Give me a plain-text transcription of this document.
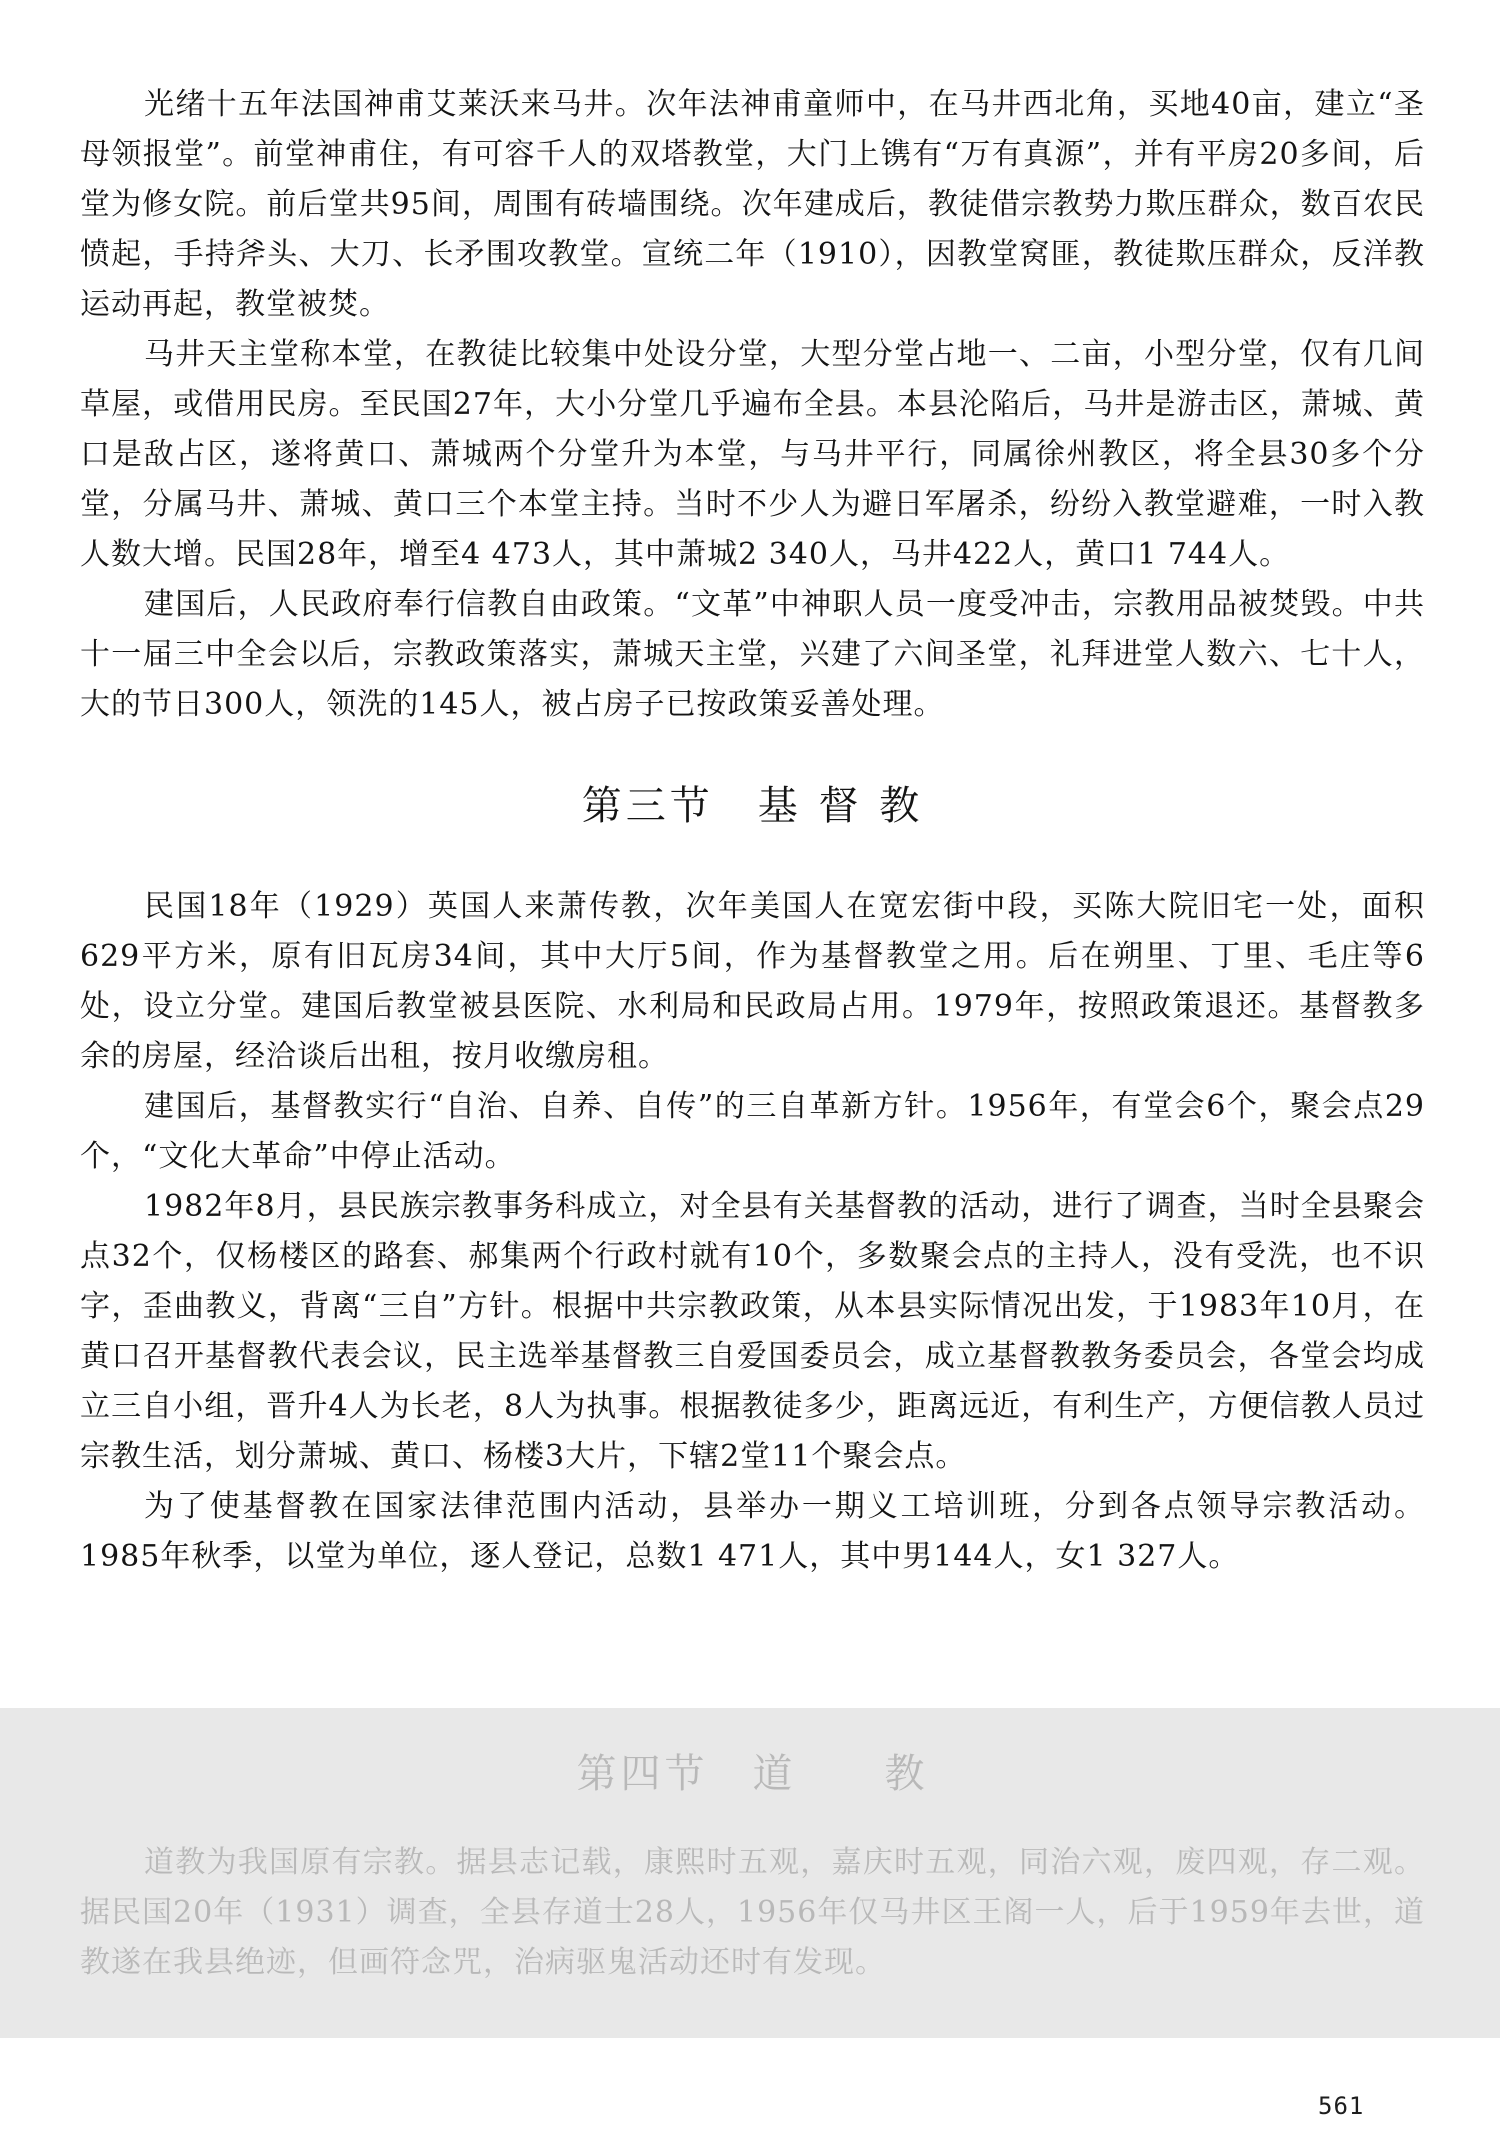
光绪十五年法国神甫艾莱沃来马井。次年法神甫童师中，在马井西北角，买地40亩，建立“圣母领报堂”。前堂神甫住，有可容千人的双塔教堂，大门上镌有“万有真源”，并有平房20多间，后堂为修女院。前后堂共95间，周围有砖墙围绕。次年建成后，教徒借宗教势力欺压群众，数百农民愤起，手持斧头、大刀、长矛围攻教堂。宣统二年（1910），因教堂窝匪，教徒欺压群众，反洋教运动再起，教堂被焚。

马井天主堂称本堂，在教徒比较集中处设分堂，大型分堂占地一、二亩，小型分堂，仅有几间草屋，或借用民房。至民国27年，大小分堂几乎遍布全县。本县沦陷后，马井是游击区，萧城、黄口是敌占区，遂将黄口、萧城两个分堂升为本堂，与马井平行，同属徐州教区，将全县30多个分堂，分属马井、萧城、黄口三个本堂主持。当时不少人为避日军屠杀，纷纷入教堂避难，一时入教人数大增。民国28年，增至4 473人，其中萧城2 340人，马井422人，黄口1 744人。

建国后，人民政府奉行信教自由政策。“文革”中神职人员一度受冲击，宗教用品被焚毁。中共十一届三中全会以后，宗教政策落实，萧城天主堂，兴建了六间圣堂，礼拜进堂人数六、七十人，大的节日300人，领洗的145人，被占房子已按政策妥善处理。

第三节　基 督 教

民国18年（1929）英国人来萧传教，次年美国人在宽宏街中段，买陈大院旧宅一处，面积629平方米，原有旧瓦房34间，其中大厅5间，作为基督教堂之用。后在朔里、丁里、毛庄等6处，设立分堂。建国后教堂被县医院、水利局和民政局占用。1979年，按照政策退还。基督教多余的房屋，经洽谈后出租，按月收缴房租。

建国后，基督教实行“自治、自养、自传”的三自革新方针。1956年，有堂会6个，聚会点29个，“文化大革命”中停止活动。

1982年8月，县民族宗教事务科成立，对全县有关基督教的活动，进行了调查，当时全县聚会点32个，仅杨楼区的路套、郝集两个行政村就有10个，多数聚会点的主持人，没有受洗，也不识字，歪曲教义，背离“三自”方针。根据中共宗教政策，从本县实际情况出发，于1983年10月，在黄口召开基督教代表会议，民主选举基督教三自爱国委员会，成立基督教教务委员会，各堂会均成立三自小组，晋升4人为长老，8人为执事。根据教徒多少，距离远近，有利生产，方便信教人员过宗教生活，划分萧城、黄口、杨楼3大片，下辖2堂11个聚会点。

为了使基督教在国家法律范围内活动，县举办一期义工培训班，分到各点领导宗教活动。1985年秋季，以堂为单位，逐人登记，总数1 471人，其中男144人，女1 327人。

第四节　道　　教

道教为我国原有宗教。据县志记载，康熙时五观，嘉庆时五观，同治六观，废四观，存二观。据民国20年（1931）调查，全县存道士28人，1956年仅马井区王阁一人，后于1959年去世，道教遂在我县绝迹，但画符念咒，治病驱鬼活动还时有发现。

561
